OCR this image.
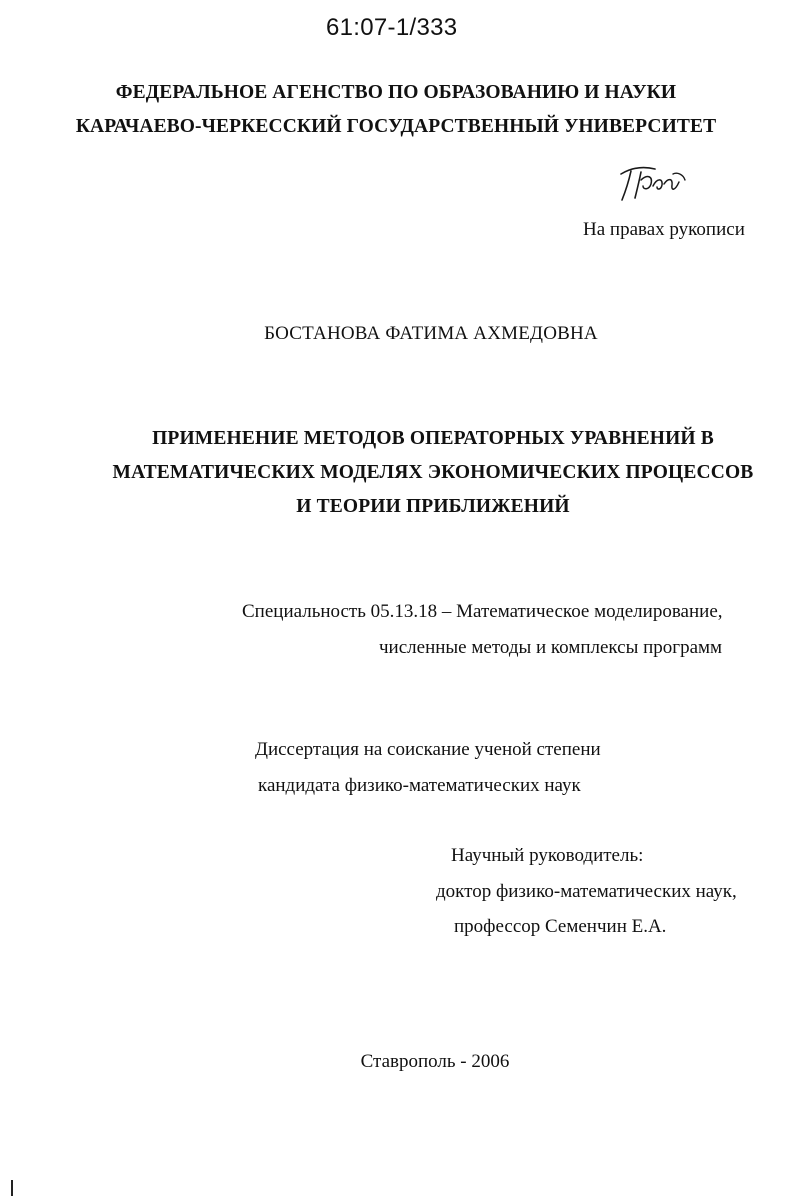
61:07-1/333
ФЕДЕРАЛЬНОЕ АГЕНСТВО ПО ОБРАЗОВАНИЮ И НАУКИ
КАРАЧАЕВО-ЧЕРКЕССКИЙ ГОСУДАРСТВЕННЫЙ УНИВЕРСИТЕТ
На правах рукописи
БОСТАНОВА ФАТИМА АХМЕДОВНА
ПРИМЕНЕНИЕ МЕТОДОВ ОПЕРАТОРНЫХ УРАВНЕНИЙ В
МАТЕМАТИЧЕСКИХ МОДЕЛЯХ ЭКОНОМИЧЕСКИХ ПРОЦЕССОВ
И ТЕОРИИ ПРИБЛИЖЕНИЙ
Специальность 05.13.18 – Математическое моделирование,
численные методы и комплексы программ
Диссертация на соискание ученой степени
кандидата физико-математических наук
Научный руководитель:
доктор физико-математических наук,
профессор Семенчин Е.А.
Ставрополь - 2006
